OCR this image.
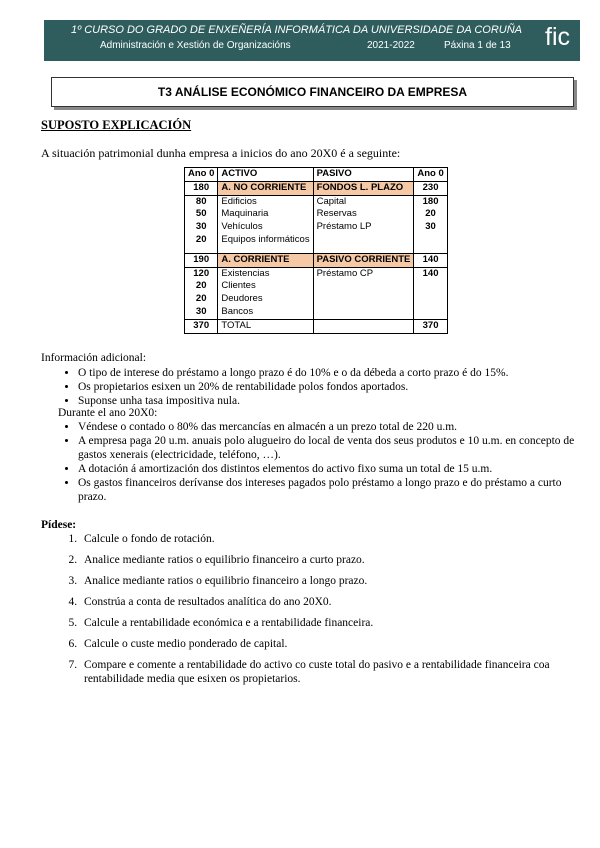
1º CURSO DO GRADO DE ENXEÑERÍA INFORMÁTICA DA UNIVERSIDADE DA CORUÑA
Administración e Xestión de Organizacións	2021-2022	Páxina 1 de 13 fic
T3 ANÁLISE ECONÓMICO FINANCEIRO DA EMPRESA
SUPOSTO EXPLICACIÓN
A situación patrimonial dunha empresa a inicios do ano 20X0 é a seguinte:
Ano 0	ACTIVO	PASIVO	Ano 0
180	A. NO CORRIENTE	FONDOS L. PLAZO	230
80	Edificios	Capital	180
50	Maquinaria	Reservas	20
30	Vehículos	Préstamo LP	30
20	Equipos informáticos		

190	A. CORRIENTE	PASIVO CORRIENTE	140
120	Existencias	Préstamo CP	140
20	Clientes		
20	Deudores		
30	Bancos		
370	TOTAL		370
Información adicional:
• O tipo de interese do préstamo a longo prazo é do 10% e o da débeda a corto prazo é do 15%.
• Os propietarios esixen un 20% de rentabilidade polos fondos aportados.
• Suponse unha tasa impositiva nula.
Durante el ano 20X0:
• Véndese o contado o 80% das mercancías en almacén a un prezo total de 220 u.m.
• A empresa paga 20 u.m. anuais polo alugueiro do local de venta dos seus produtos e 10 u.m. en concepto de gastos xenerais (electricidade, teléfono, …).
• A dotación á amortización dos distintos elementos do activo fixo suma un total de 15 u.m.
• Os gastos financeiros derívanse dos intereses pagados polo préstamo a longo prazo e do préstamo a curto prazo.
Pídese:
1. Calcule o fondo de rotación.
2. Analice mediante ratios o equilibrio financeiro a curto prazo.
3. Analice mediante ratios o equilibrio financeiro a longo prazo.
4. Constrúa a conta de resultados analítica do ano 20X0.
5. Calcule a rentabilidade económica e a rentabilidade financeira.
6. Calcule o custe medio ponderado de capital.
7. Compare e comente a rentabilidade do activo co custe total do pasivo e a rentabilidade financeira coa rentabilidade media que esixen os propietarios.
